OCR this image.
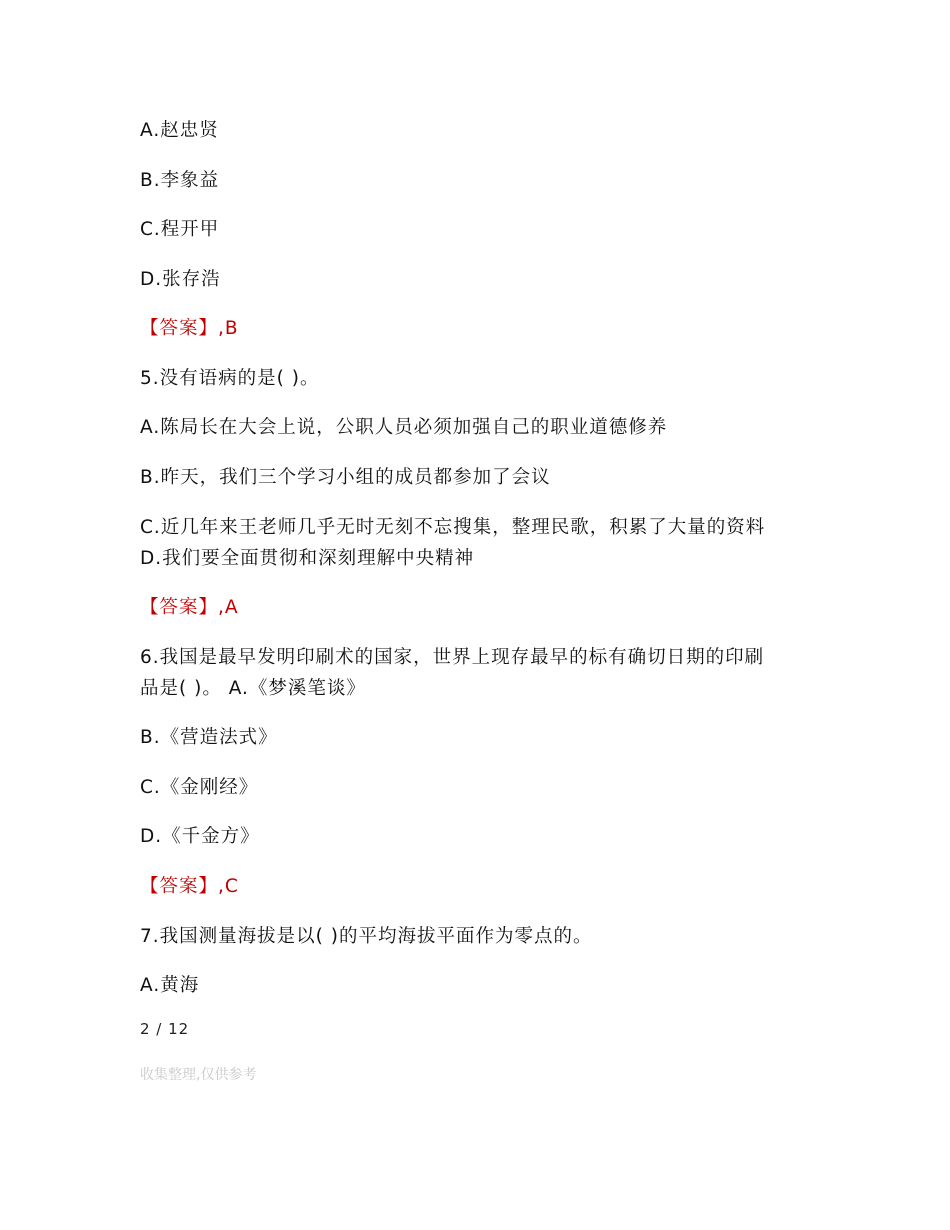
A.赵忠贤
B.李象益
C.程开甲
D.张存浩
【答案】,B
5.没有语病的是( )。
A.陈局长在大会上说，公职人员必须加强自己的职业道德修养
B.昨天，我们三个学习小组的成员都参加了会议
C.近几年来王老师几乎无时无刻不忘搜集，整理民歌，积累了大量的资料
D.我们要全面贯彻和深刻理解中央精神
【答案】,A
6.我国是最早发明印刷术的国家，世界上现存最早的标有确切日期的印刷
品是( )。 A.《梦溪笔谈》
B.《营造法式》
C.《金刚经》
D.《千金方》
【答案】,C
7.我国测量海拔是以( )的平均海拔平面作为零点的。
A.黄海
2 / 12
收集整理,仅供参考
